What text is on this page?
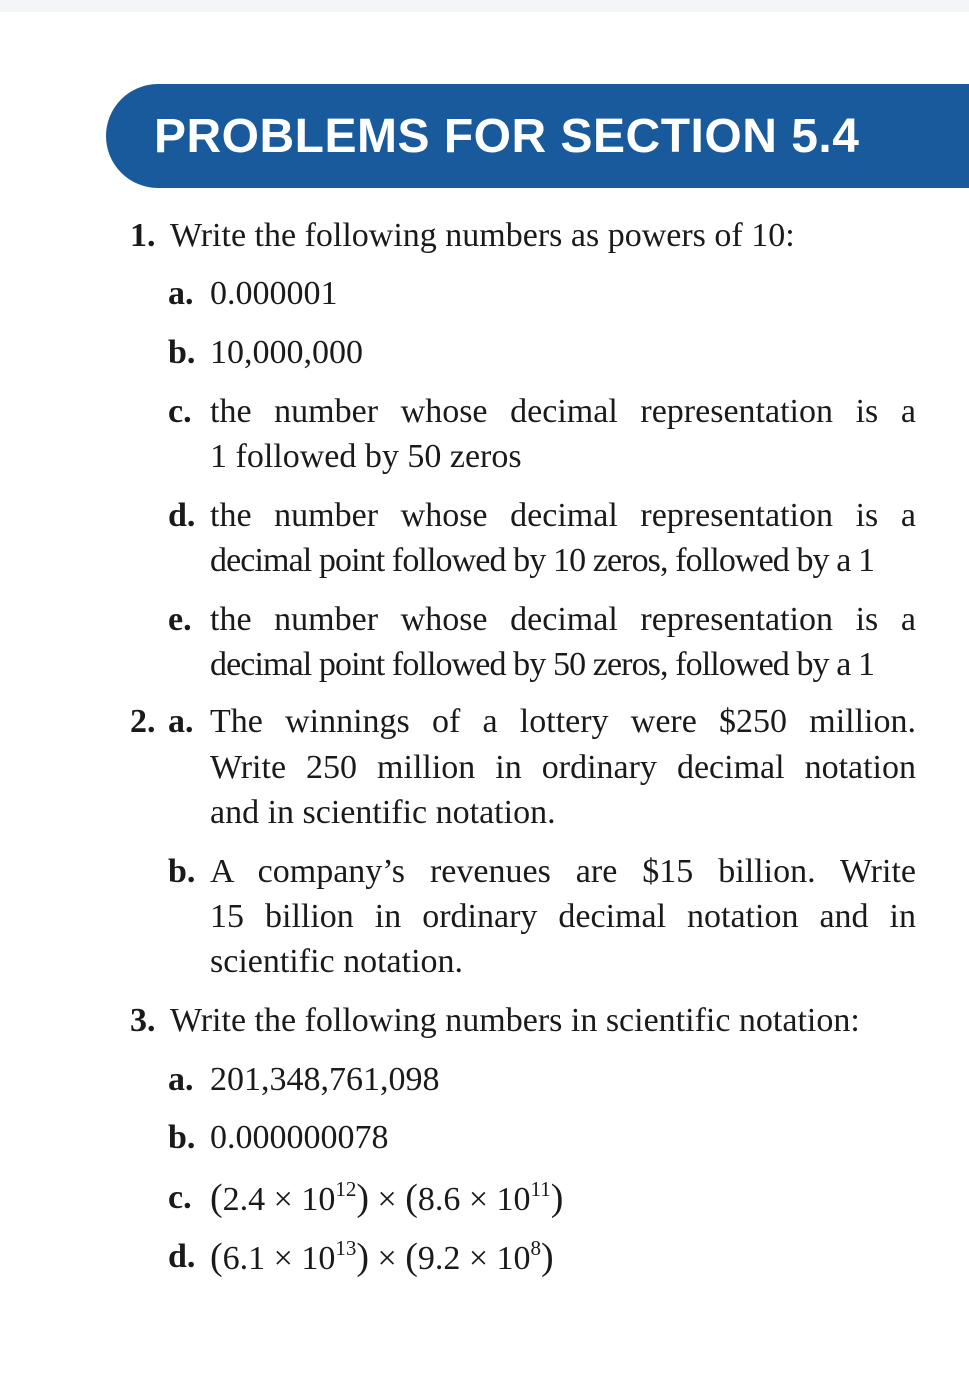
PROBLEMS FOR SECTION 5.4
1. Write the following numbers as powers of 10:
a. 0.000001
b. 10,000,000
c. the number whose decimal representation is a
1 followed by 50 zeros
d. the number whose decimal representation is a
decimal point followed by 10 zeros, followed by a 1
e. the number whose decimal representation is a
decimal point followed by 50 zeros, followed by a 1
2. a. The winnings of a lottery were $250 million.
Write 250 million in ordinary decimal notation
and in scientific notation.
b. A company’s revenues are $15 billion. Write
15 billion in ordinary decimal notation and in
scientific notation.
3. Write the following numbers in scientific notation:
a. 201,348,761,098
b. 0.000000078
c. $(2.4 \times 10^{12}) \times (8.6 \times 10^{11})$
d. $(6.1 \times 10^{13}) \times (9.2 \times 10^8)$
